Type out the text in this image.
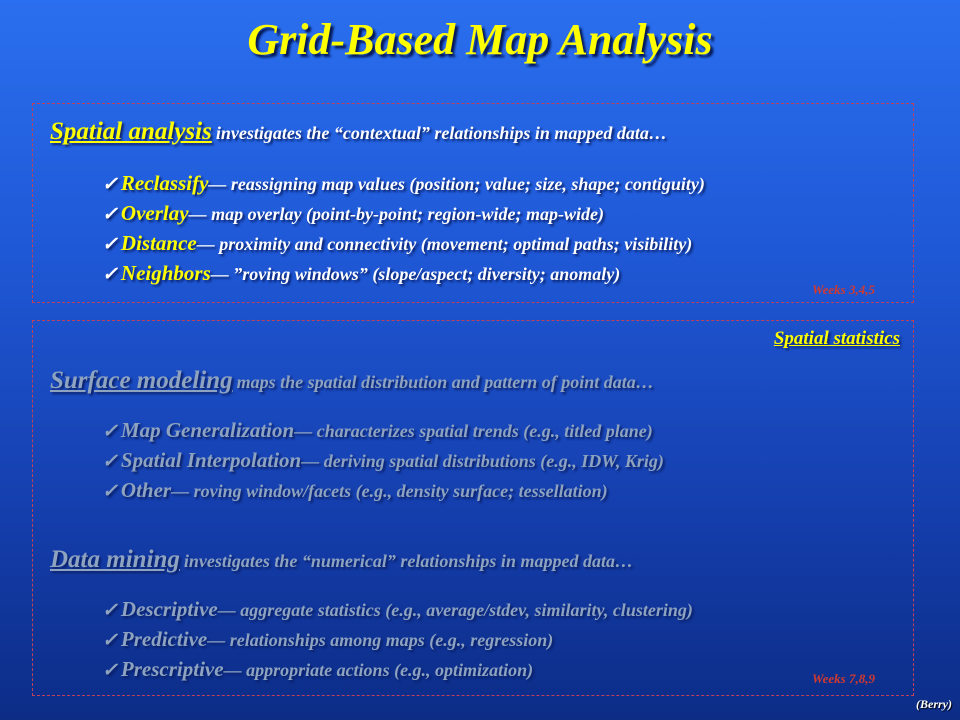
Grid-Based Map Analysis
Spatial analysis investigates the “contextual” relationships in mapped data…
✓ Reclassify— reassigning map values (position; value; size, shape; contiguity)
✓ Overlay— map overlay (point-by-point; region-wide; map-wide)
✓ Distance— proximity and connectivity (movement; optimal paths; visibility)
✓ Neighbors— ”roving windows” (slope/aspect; diversity; anomaly)
Weeks 3,4,5
Spatial statistics
Surface modeling maps the spatial distribution and pattern of point data…
✓ Map Generalization— characterizes spatial trends (e.g., titled plane)
✓ Spatial Interpolation— deriving spatial distributions (e.g., IDW, Krig)
✓ Other— roving window/facets (e.g., density surface; tessellation)
Data mining investigates the “numerical” relationships in mapped data…
✓ Descriptive— aggregate statistics (e.g., average/stdev, similarity, clustering)
✓ Predictive— relationships among maps (e.g., regression)
✓ Prescriptive— appropriate actions (e.g., optimization)	Weeks 7,8,9
(Berry)
